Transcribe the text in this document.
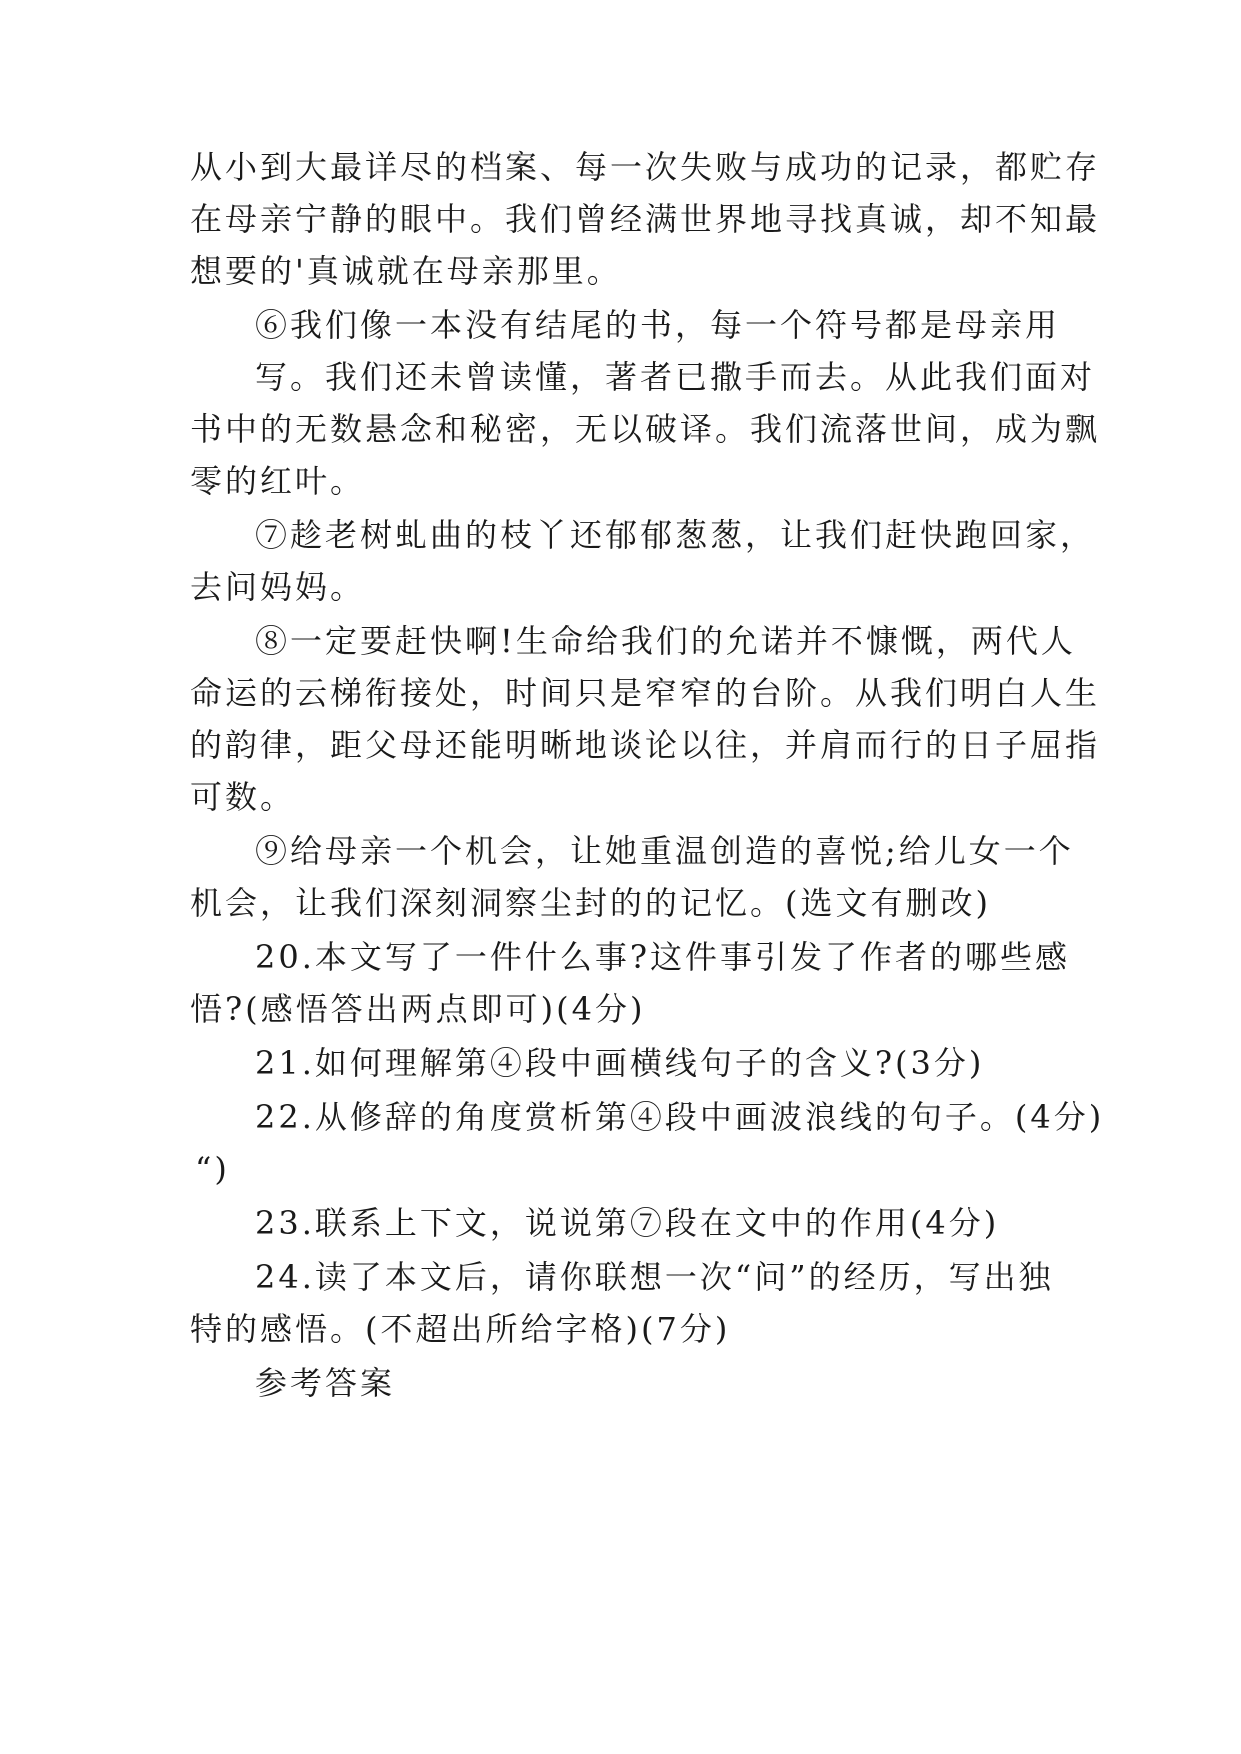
从小到大最详尽的档案、每一次失败与成功的记录，都贮存

在母亲宁静的眼中。我们曾经满世界地寻找真诚，却不知最

想要的'真诚就在母亲那里。

⑥我们像一本没有结尾的书，每一个符号都是母亲用

写。我们还未曾读懂，著者已撒手而去。从此我们面对

书中的无数悬念和秘密，无以破译。我们流落世间，成为飘

零的红叶。

⑦趁老树虬曲的枝丫还郁郁葱葱，让我们赶快跑回家，

去问妈妈。

⑧一定要赶快啊!生命给我们的允诺并不慷慨，两代人

命运的云梯衔接处，时间只是窄窄的台阶。从我们明白人生

的韵律，距父母还能明晰地谈论以往，并肩而行的日子屈指

可数。

⑨给母亲一个机会，让她重温创造的喜悦;给儿女一个

机会，让我们深刻洞察尘封的的记忆。(选文有删改)

20.本文写了一件什么事?这件事引发了作者的哪些感

悟?(感悟答出两点即可)(4分)

21.如何理解第④段中画横线句子的含义?(3分)

22.从修辞的角度赏析第④段中画波浪线的句子。(4分)

“)

23.联系上下文，说说第⑦段在文中的作用(4分)

24.读了本文后，请你联想一次“问”的经历，写出独

特的感悟。(不超出所给字格)(7分)

参考答案
